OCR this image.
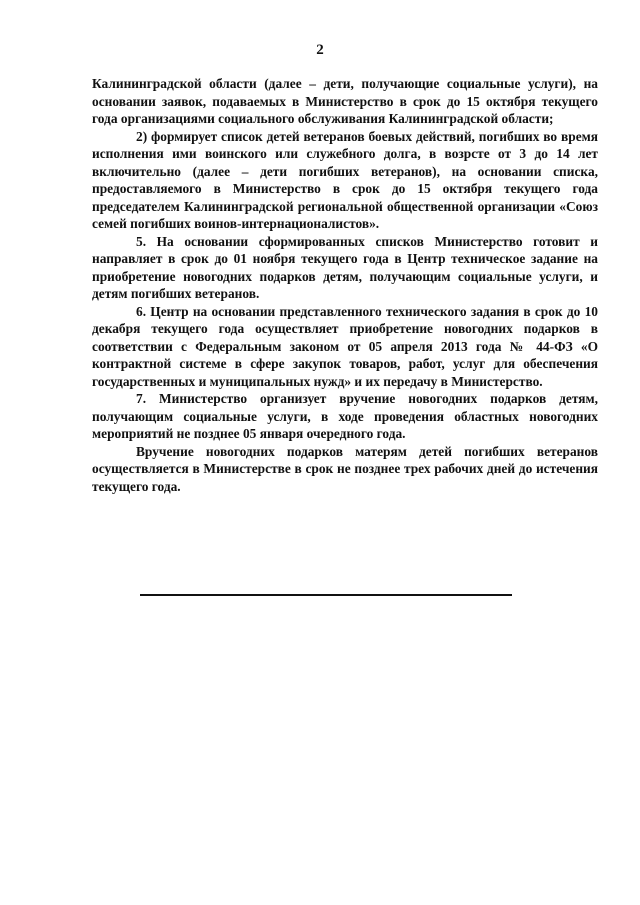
2

Калининградской области (далее – дети, получающие социальные услуги), на основании заявок, подаваемых в Министерство в срок до 15 октября текущего года организациями социального обслуживания Калининградской области;

2) формирует список детей ветеранов боевых действий, погибших во время исполнения ими воинского или служебного долга, в возрсте от 3 до 14 лет включительно (далее – дети погибших ветеранов), на основании списка, предоставляемого в Министерство в срок до 15 октября текущего года председателем Калининградской региональной общественной организации «Союз семей погибших воинов-интернационалистов».

5. На основании сформированных списков Министерство готовит и направляет в срок до 01 ноября текущего года в Центр техническое задание на приобретение новогодних подарков детям, получающим социальные услуги, и детям погибших ветеранов.

6. Центр на основании представленного технического задания в срок до 10 декабря текущего года осуществляет приобретение новогодних подарков в соответствии с Федеральным законом от 05 апреля 2013 года № 44-ФЗ «О контрактной системе в сфере закупок товаров, работ, услуг для обеспечения государственных и муниципальных нужд» и их передачу в Министерство.

7. Министерство организует вручение новогодних подарков детям, получающим социальные услуги, в ходе проведения областных новогодних мероприятий не позднее 05 января очередного года.

Вручение новогодних подарков матерям детей погибших ветеранов осуществляется в Министерстве в срок не позднее трех рабочих дней до истечения текущего года.
